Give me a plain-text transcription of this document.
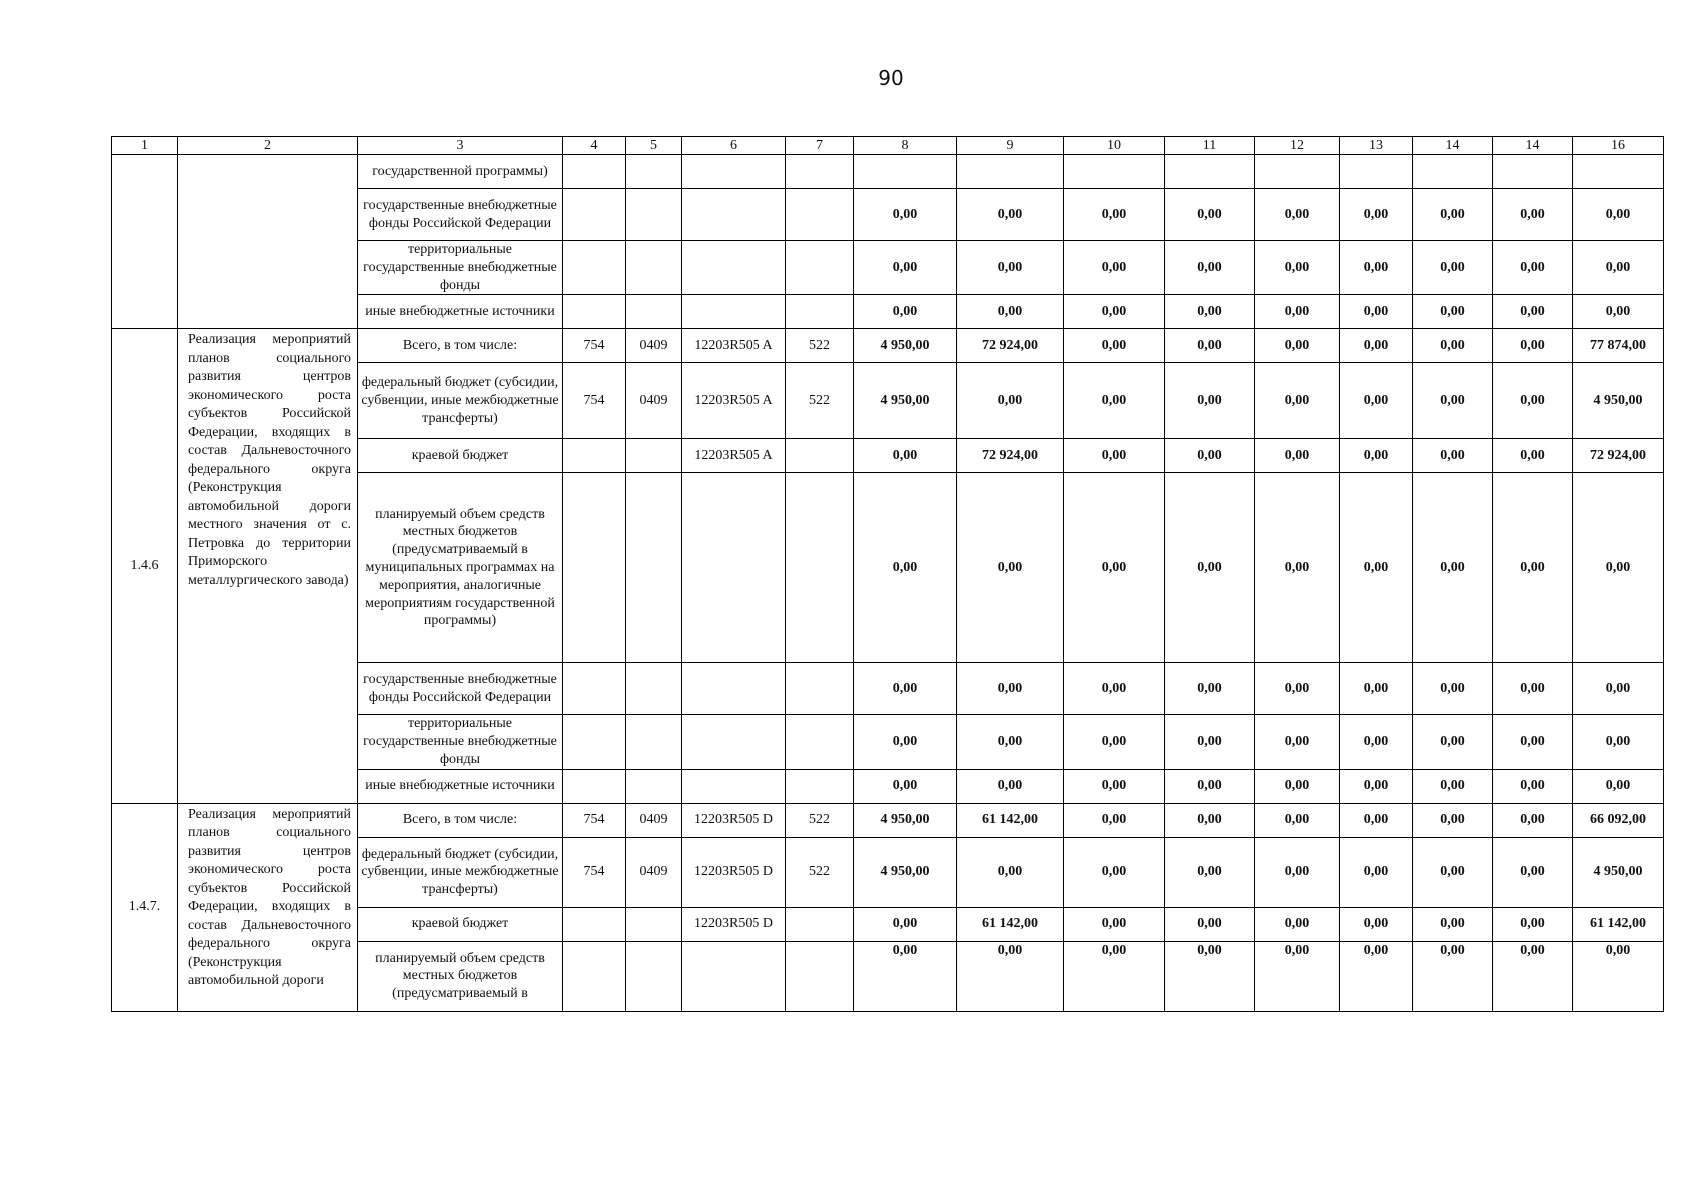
90
1	2	3	4	5	6	7	8	9	10	11	12	13	14	14	16
		государственной программы)													
		государственные внебюджетные фонды Российской Федерации					0,00	0,00	0,00	0,00	0,00	0,00	0,00	0,00	0,00
		территориальные государственные внебюджетные фонды					0,00	0,00	0,00	0,00	0,00	0,00	0,00	0,00	0,00
		иные внебюджетные источники					0,00	0,00	0,00	0,00	0,00	0,00	0,00	0,00	0,00
1.4.6	Реализация мероприятий планов социального развития центров экономического роста субъектов Российской Федерации, входящих в состав Дальневосточного федерального округа (Реконструкция автомобильной дороги местного значения от с. Петровка до территории Приморского металлургического завода)	Всего, в том числе:	754	0409	12203R505 A	522	4 950,00	72 924,00	0,00	0,00	0,00	0,00	0,00	0,00	77 874,00
		федеральный бюджет (субсидии, субвенции, иные межбюджетные трансферты)	754	0409	12203R505 A	522	4 950,00	0,00	0,00	0,00	0,00	0,00	0,00	0,00	4 950,00
		краевой бюджет			12203R505 A		0,00	72 924,00	0,00	0,00	0,00	0,00	0,00	0,00	72 924,00
		планируемый объем средств местных бюджетов (предусматриваемый в муниципальных программах на мероприятия, аналогичные мероприятиям государственной программы)					0,00	0,00	0,00	0,00	0,00	0,00	0,00	0,00	0,00
		государственные внебюджетные фонды Российской Федерации					0,00	0,00	0,00	0,00	0,00	0,00	0,00	0,00	0,00
		территориальные государственные внебюджетные фонды					0,00	0,00	0,00	0,00	0,00	0,00	0,00	0,00	0,00
		иные внебюджетные источники					0,00	0,00	0,00	0,00	0,00	0,00	0,00	0,00	0,00
1.4.7.	Реализация мероприятий планов социального развития центров экономического роста субъектов Российской Федерации, входящих в состав Дальневосточного федерального округа (Реконструкция автомобильной дороги	Всего, в том числе:	754	0409	12203R505 D	522	4 950,00	61 142,00	0,00	0,00	0,00	0,00	0,00	0,00	66 092,00
		федеральный бюджет (субсидии, субвенции, иные межбюджетные трансферты)	754	0409	12203R505 D	522	4 950,00	0,00	0,00	0,00	0,00	0,00	0,00	0,00	4 950,00
		краевой бюджет			12203R505 D		0,00	61 142,00	0,00	0,00	0,00	0,00	0,00	0,00	61 142,00
		планируемый объем средств местных бюджетов (предусматриваемый в					0,00	0,00	0,00	0,00	0,00	0,00	0,00	0,00	0,00
